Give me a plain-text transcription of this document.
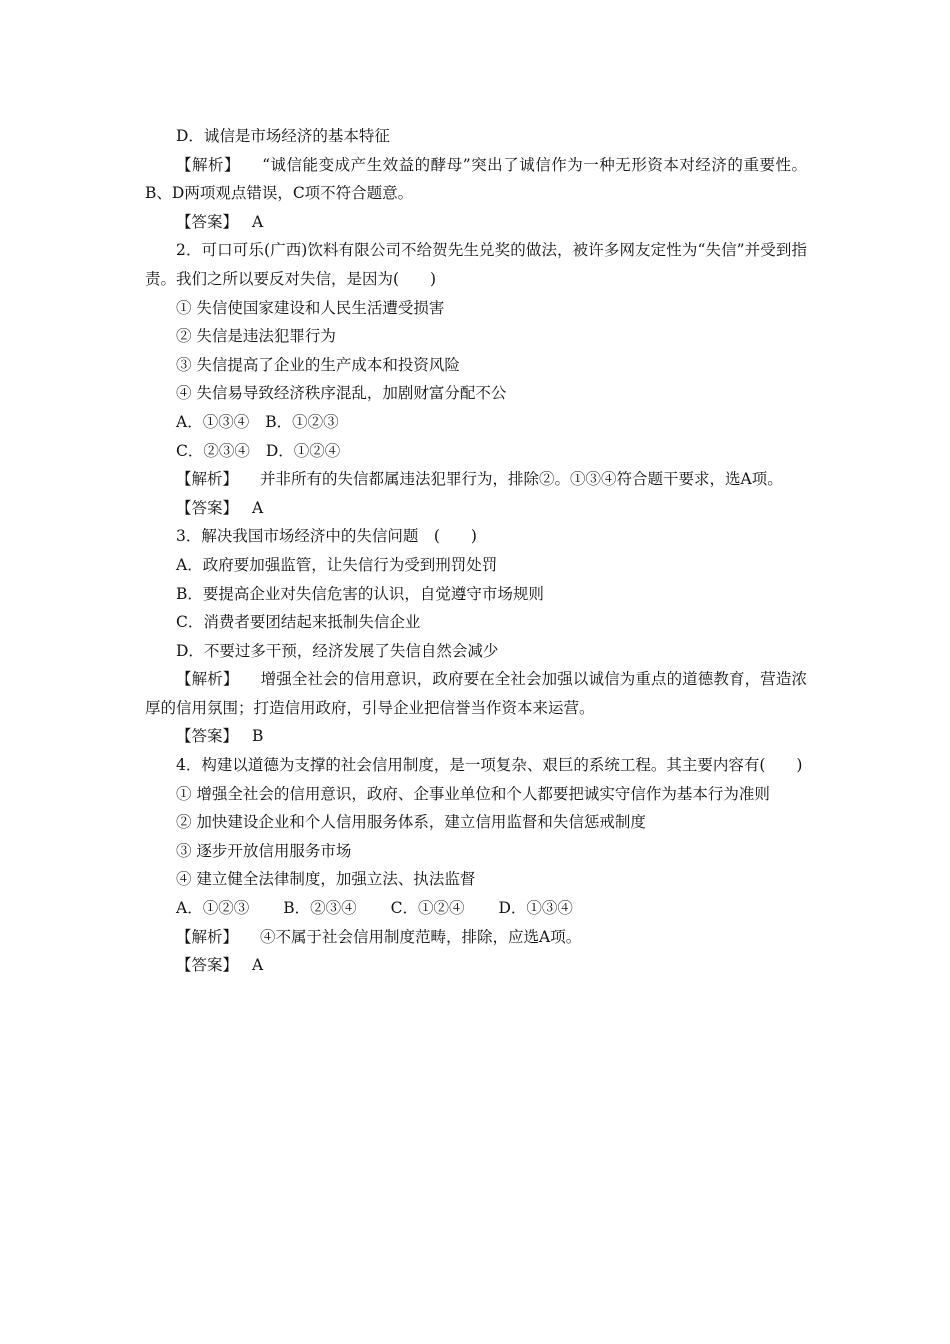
D．诚信是市场经济的基本特征
【解析】 “诚信能变成产生效益的酵母”突出了诚信作为一种无形资本对经济的重要性。B、D两项观点错误，C项不符合题意。
【答案】 A
2．可口可乐(广西)饮料有限公司不给贺先生兑奖的做法，被许多网友定性为“失信”并受到指责。我们之所以要反对失信，是因为(　　)
① 失信使国家建设和人民生活遭受损害
② 失信是违法犯罪行为
③ 失信提高了企业的生产成本和投资风险
④ 失信易导致经济秩序混乱，加剧财富分配不公
A．①③④ B．①②③
C．②③④ D．①②④
【解析】 并非所有的失信都属违法犯罪行为，排除②。①③④符合题干要求，选A项。
【答案】 A
3．解决我国市场经济中的失信问题　(　　)
A．政府要加强监管，让失信行为受到刑罚处罚
B．要提高企业对失信危害的认识，自觉遵守市场规则
C．消费者要团结起来抵制失信企业
D．不要过多干预，经济发展了失信自然会减少
【解析】 增强全社会的信用意识，政府要在全社会加强以诚信为重点的道德教育，营造浓厚的信用氛围；打造信用政府，引导企业把信誉当作资本来运营。
【答案】 B
4．构建以道德为支撑的社会信用制度，是一项复杂、艰巨的系统工程。其主要内容有(　　)
① 增强全社会的信用意识，政府、企事业单位和个人都要把诚实守信作为基本行为准则
② 加快建设企业和个人信用服务体系，建立信用监督和失信惩戒制度
③ 逐步开放信用服务市场
④ 建立健全法律制度，加强立法、执法监督
A．①②③ B．②③④ C．①②④ D．①③④
【解析】 ④不属于社会信用制度范畴，排除，应选A项。
【答案】 A
